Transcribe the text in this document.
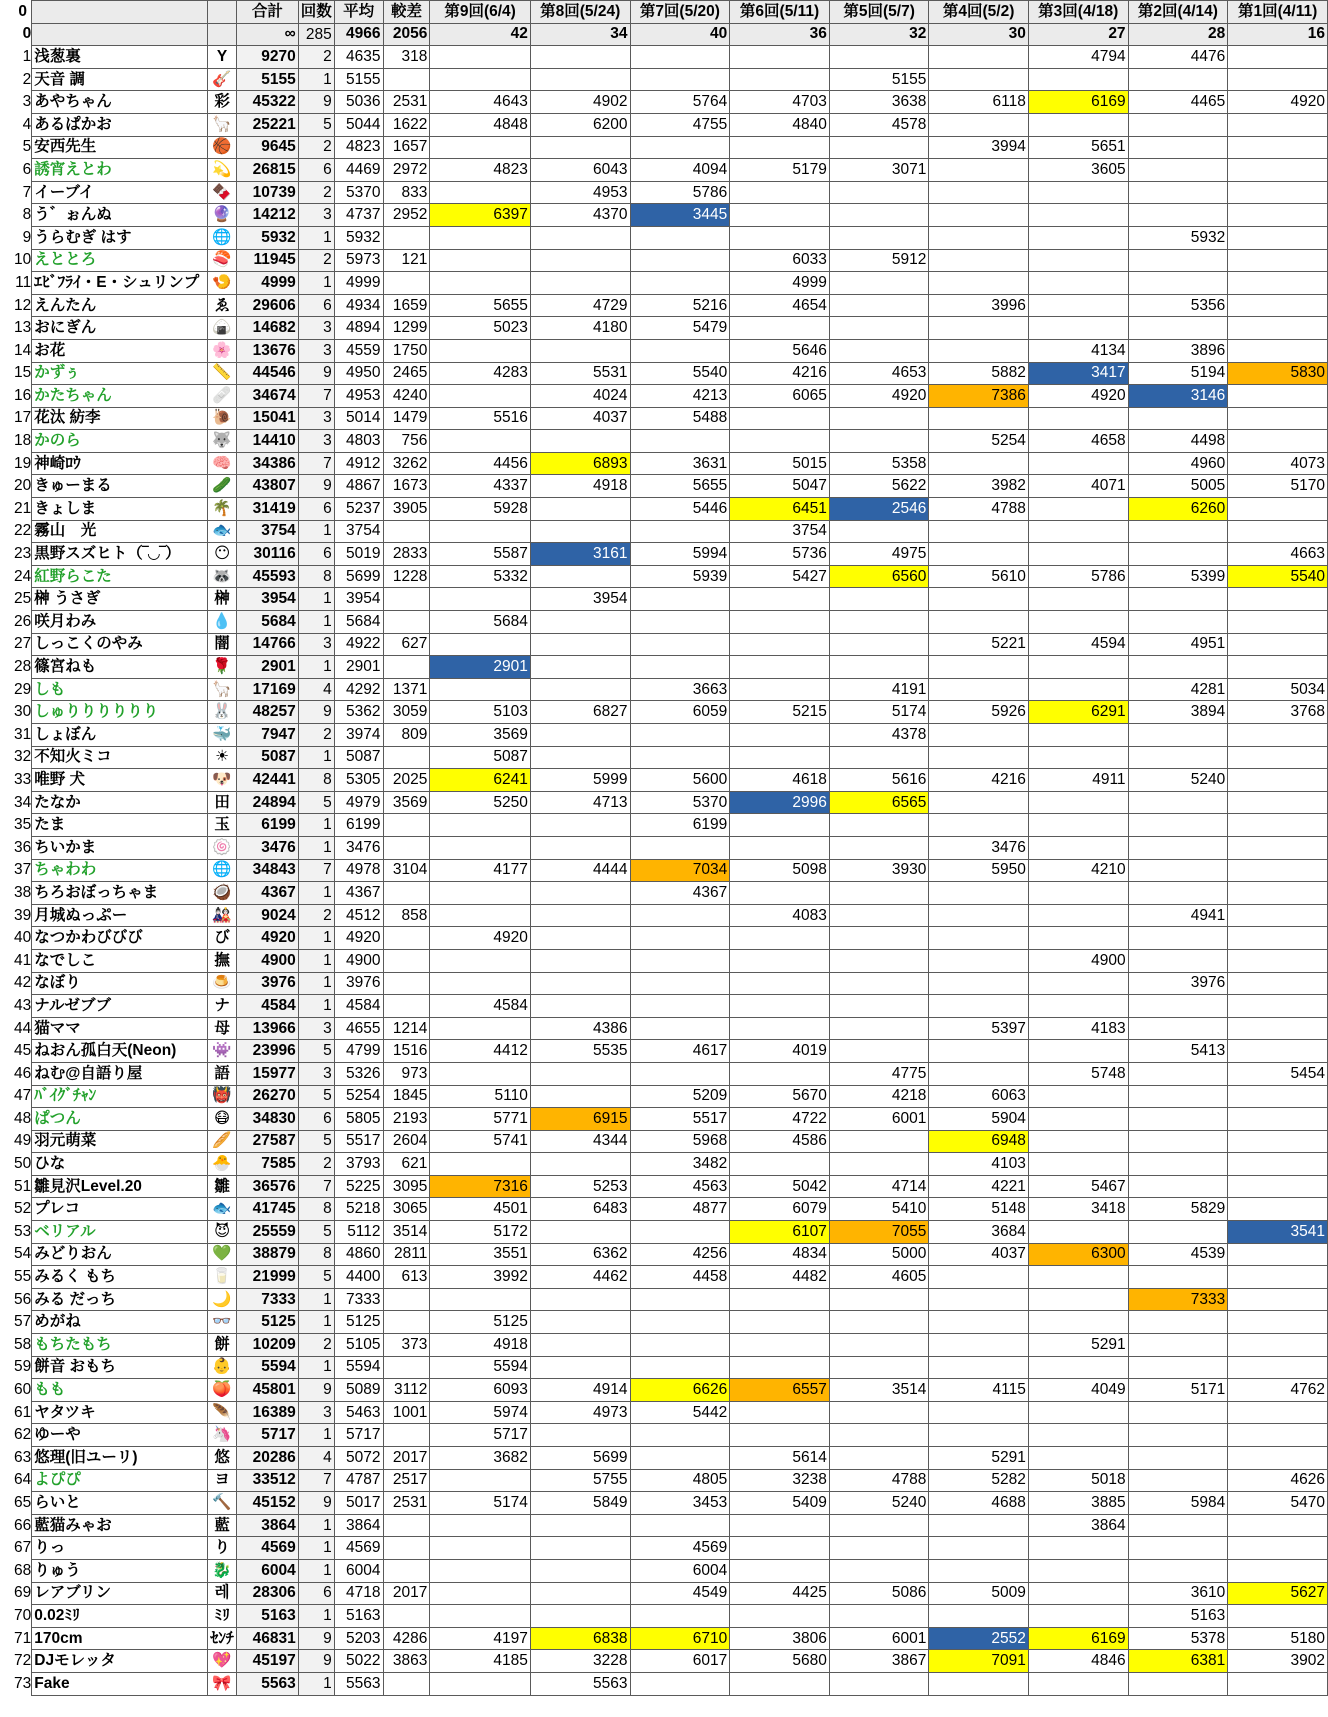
0			合計	回数	平均	較差	第9回(6/4)	第8回(5/24)	第7回(5/20)	第6回(5/11)	第5回(5/7)	第4回(5/2)	第3回(4/18)	第2回(4/14)	第1回(4/11)
0			∞	285	4966	2056	42	34	40	36	32	30	27	28	16
1	浅葱裏	Y	9270	2	4635	318							4794	4476	
2	天音 調	🎸	5155	1	5155						5155				
3	あやちゃん	彩	45322	9	5036	2531	4643	4902	5764	4703	3638	6118	6169	4465	4920
4	あるぱかお	🦙	25221	5	5044	1622	4848	6200	4755	4840	4578				
5	安西先生	🏀	9645	2	4823	1657						3994	5651		
6	誘宵えとわ	💫	26815	6	4469	2972	4823	6043	4094	5179	3071		3605		
7	イーブイ	🍫	10739	2	5370	833		4953	5786						
8	う゛ぉんぬ	🔮	14212	3	4737	2952	6397	4370	3445						
9	うらむぎ はす	🌐	5932	1	5932									5932	
10	えととろ	🍣	11945	2	5973	121				6033	5912				
11	ｴﾋﾞﾌﾗｲ・E・シュリンプ	🍤	4999	1	4999					4999					
12	えんたん	ゑ	29606	6	4934	1659	5655	4729	5216	4654		3996		5356	
13	おにぎん	🍙	14682	3	4894	1299	5023	4180	5479						
14	お花	🌸	13676	3	4559	1750				5646			4134	3896	
15	かずぅ	📏	44546	9	4950	2465	4283	5531	5540	4216	4653	5882	3417	5194	5830
16	かたちゃん	🩹	34674	7	4953	4240		4024	4213	6065	4920	7386	4920	3146	
17	花汰 紡李	🐌	15041	3	5014	1479	5516	4037	5488						
18	かのら	🐺	14410	3	4803	756						5254	4658	4498	
19	神崎ﾛｳ	🧠	34386	7	4912	3262	4456	6893	3631	5015	5358			4960	4073
20	きゅーまる	🥒	43807	9	4867	1673	4337	4918	5655	5047	5622	3982	4071	5005	5170
21	きょしま	🌴	31419	6	5237	3905	5928		5446	6451	2546	4788		6260	
22	霧山　光	🐟	3754	1	3754					3754					
23	黒野スズヒト（‾◡‾）	😶	30116	6	5019	2833	5587	3161	5994	5736	4975				4663
24	紅野らこた	🦝	45593	8	5699	1228	5332		5939	5427	6560	5610	5786	5399	5540
25	榊 うさぎ	榊	3954	1	3954			3954							
26	咲月わみ	💧	5684	1	5684		5684								
27	しっこくのやみ	闇	14766	3	4922	627						5221	4594	4951	
28	篠宮ねも	🌹	2901	1	2901		2901								
29	しも	🦙	17169	4	4292	1371			3663		4191			4281	5034
30	しゅりりりりりり	🐰	48257	9	5362	3059	5103	6827	6059	5215	5174	5926	6291	3894	3768
31	しょぼん	🐳	7947	2	3974	809	3569				4378				
32	不知火ミコ	☀	5087	1	5087		5087								
33	唯野 犬	🐶	42441	8	5305	2025	6241	5999	5600	4618	5616	4216	4911	5240	
34	たなか	田	24894	5	4979	3569	5250	4713	5370	2996	6565				
35	たま	玉	6199	1	6199				6199						
36	ちいかま	🍥	3476	1	3476							3476			
37	ちゃわわ	🌐	34843	7	4978	3104	4177	4444	7034	5098	3930	5950	4210		
38	ちろおぼっちゃま	🥥	4367	1	4367				4367						
39	月城ぬっぷー	🎎	9024	2	4512	858				4083				4941	
40	なつかわびびび	び	4920	1	4920		4920								
41	なでしこ	撫	4900	1	4900								4900		
42	なぼり	🍮	3976	1	3976									3976	
43	ナルゼブブ	ナ	4584	1	4584		4584								
44	猫ママ	母	13966	3	4655	1214		4386				5397	4183		
45	ねおん孤白天(Neon)	👾	23996	5	4799	1516	4412	5535	4617	4019				5413	
46	ねむ@自語り屋	語	15977	3	5326	973					4775		5748		5454
47	ﾊﾞｲｸﾞﾁｬﾝ	👹	26270	5	5254	1845	5110		5209	5670	4218	6063			
48	ぱつん	😷	34830	6	5805	2193	5771	6915	5517	4722	6001	5904			
49	羽元萌菜	🥖	27587	5	5517	2604	5741	4344	5968	4586		6948			
50	ひな	🐣	7585	2	3793	621			3482			4103			
51	雛見沢Level.20	雛	36576	7	5225	3095	7316	5253	4563	5042	4714	4221	5467		
52	プレコ	🐟	41745	8	5218	3065	4501	6483	4877	6079	5410	5148	3418	5829	
53	ベリアル	😈	25559	5	5112	3514	5172			6107	7055	3684			3541
54	みどりおん	💚	38879	8	4860	2811	3551	6362	4256	4834	5000	4037	6300	4539	
55	みるく もち	🥛	21999	5	4400	613	3992	4462	4458	4482	4605				
56	みる だっち	🌙	7333	1	7333									7333	
57	めがね	👓	5125	1	5125		5125								
58	もちたもち	餅	10209	2	5105	373	4918						5291		
59	餅音 おもち	👶	5594	1	5594		5594								
60	もも	🍑	45801	9	5089	3112	6093	4914	6626	6557	3514	4115	4049	5171	4762
61	ヤタツキ	🪶	16389	3	5463	1001	5974	4973	5442						
62	ゆーや	🦄	5717	1	5717		5717								
63	悠理(旧ユーリ)	悠	20286	4	5072	2017	3682	5699		5614		5291			
64	よぴぴ	ヨ	33512	7	4787	2517		5755	4805	3238	4788	5282	5018		4626
65	らいと	🔨	45152	9	5017	2531	5174	5849	3453	5409	5240	4688	3885	5984	5470
66	藍猫みゃお	藍	3864	1	3864								3864		
67	りっ	り	4569	1	4569				4569						
68	りゅう	🐉	6004	1	6004				6004						
69	レアブリン	레	28306	6	4718	2017			4549	4425	5086	5009		3610	5627
70	0.02ﾐﾘ	ﾐﾘ	5163	1	5163									5163	
71	170cm	ｾﾝﾁ	46831	9	5203	4286	4197	6838	6710	3806	6001	2552	6169	5378	5180
72	DJモレッタ	💖	45197	9	5022	3863	4185	3228	6017	5680	3867	7091	4846	6381	3902
73	Fake	🎀	5563	1	5563			5563							
